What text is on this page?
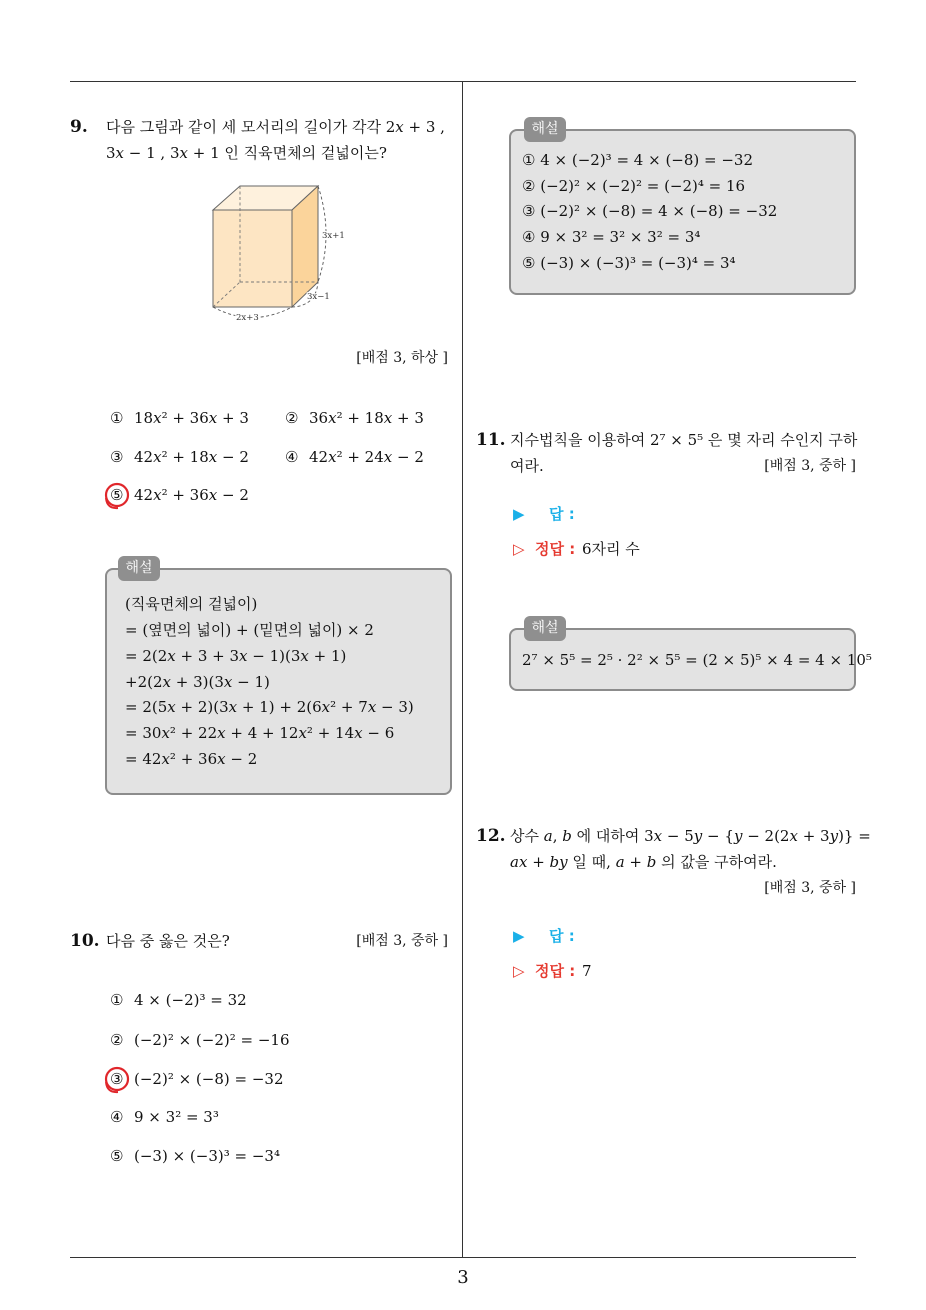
9. 다음 그림과 같이 세 모서리의 길이가 각각 2x + 3 ,
3x − 1 , 3x + 1 인 직육면체의 겉넓이는?
3x+1
3x−1
2x+3
[배점 3, 하상 ]
① 18x² + 36x + 3 ② 36x² + 18x + 3
③ 42x² + 18x − 2 ④ 42x² + 24x − 2
⑤ 42x² + 36x − 2
(직육면체의 겉넓이)
= (옆면의 넓이) + (밑면의 넓이) × 2
= 2(2x + 3 + 3x − 1)(3x + 1)
+2(2x + 3)(3x − 1)
= 2(5x + 2)(3x + 1) + 2(6x² + 7x − 3)
= 30x² + 22x + 4 + 12x² + 14x − 6
= 42x² + 36x − 2
해설
10. 다음 중 옳은 것은?	[배점 3, 중하 ]
① 4 × (−2)³ = 32
② (−2)² × (−2)² = −16
③ (−2)² × (−8) = −32
④ 9 × 3² = 3³
⑤ (−3) × (−3)³ = −3⁴
① 4 × (−2)³ = 4 × (−8) = −32
② (−2)² × (−2)² = (−2)⁴ = 16
③ (−2)² × (−8) = 4 × (−8) = −32
④ 9 × 3² = 3² × 3² = 3⁴
⑤ (−3) × (−3)³ = (−3)⁴ = 3⁴
해설
11. 지수법칙을 이용하여 2⁷ × 5⁵ 은 몇 자리 수인지 구하
여라.	[배점 3, 중하 ]
▶ 답 :
▷ 정답 : 6자리 수
2⁷ × 5⁵ = 2⁵ · 2² × 5⁵ = (2 × 5)⁵ × 4 = 4 × 10⁵
해설
12. 상수 a, b 에 대하여 3x − 5y − {y − 2(2x + 3y)} =
ax + by 일 때, a + b 의 값을 구하여라.
[배점 3, 중하 ]
▶ 답 :
▷ 정답 : 7
3
